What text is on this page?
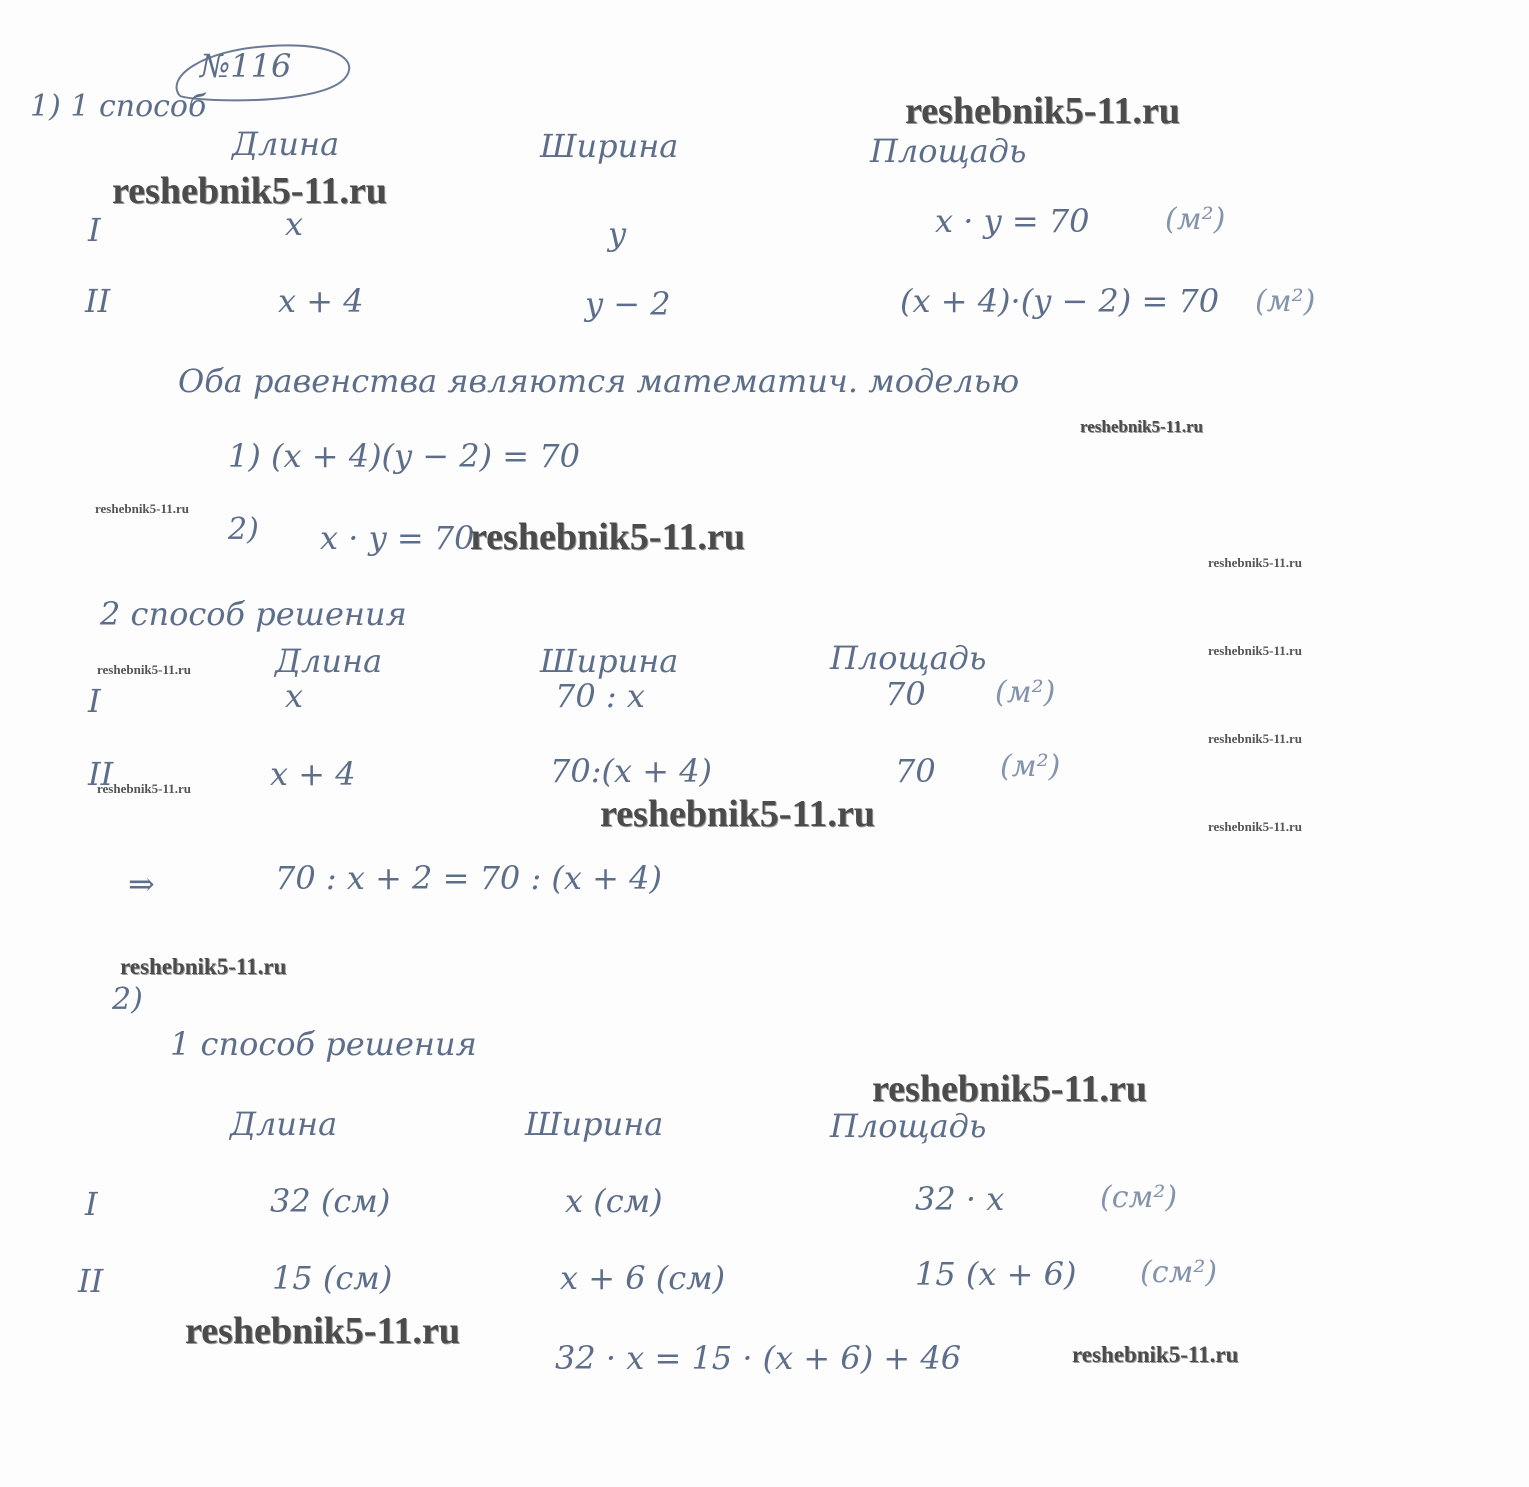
№116
1) 1 способ
Длина	Ширина	Площадь
I	x	y	x · y = 70	(м²)
II	x + 4	y − 2	(x + 4)·(y − 2) = 70 (м²)
Оба равенства являются математич. моделью
1) (x + 4)(y − 2) = 70
2) x · y = 70
2 способ решения
Длина	Ширина	Площадь
I	x	70 : x	70 (м²)
II	x + 4	70:(x + 4)	70 (м²)
⇒	70 : x + 2 = 70 : (x + 4)
2)
1 способ решения
Длина	Ширина	Площадь
I	32 (см)	x (см)	32 · x	(см²)
II	15 (см)	x + 6 (см)	15 (x + 6) (см²)
32 · x = 15 · (x + 6) + 46
reshebnik5-11.ru
reshebnik5-11.ru
reshebnik5-11.ru
reshebnik5-11.ru
reshebnik5-11.ru
reshebnik5-11.ru
reshebnik5-11.ru
reshebnik5-11.ru
reshebnik5-11.ru
reshebnik5-11.ru
reshebnik5-11.ru	reshebnik5-11.ru
reshebnik5-11.ru
reshebnik5-11.ru
reshebnik5-11.ru
reshebnik5-11.ru
